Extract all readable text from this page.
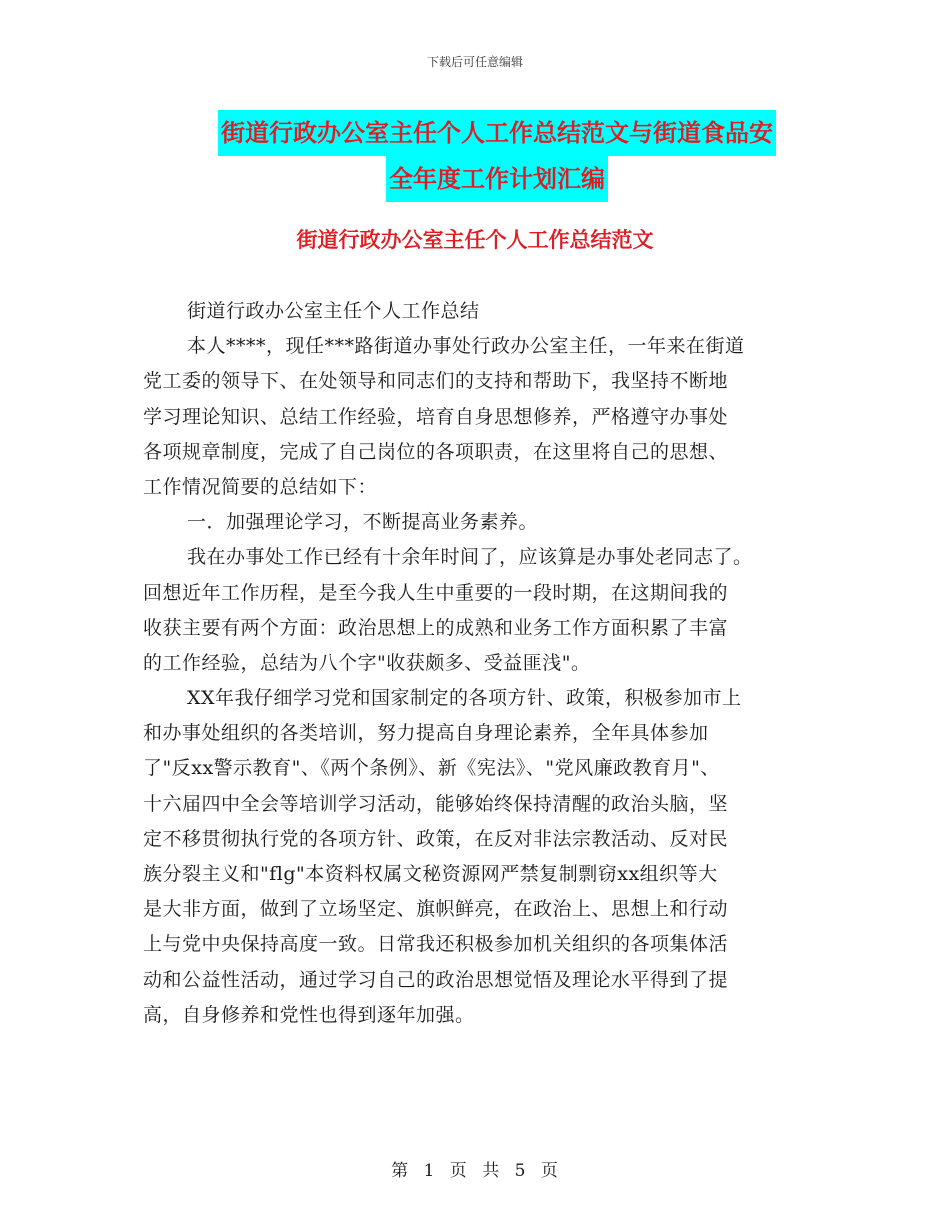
下载后可任意编辑
街道行政办公室主任个人工作总结范文与街道食品安
全年度工作计划汇编
街道行政办公室主任个人工作总结范文
街道行政办公室主任个人工作总结
本人****，现任***路街道办事处行政办公室主任，一年来在街道
党工委的领导下、在处领导和同志们的支持和帮助下，我坚持不断地
学习理论知识、总结工作经验，培育自身思想修养，严格遵守办事处
各项规章制度，完成了自己岗位的各项职责，在这里将自己的思想、
工作情况简要的总结如下：
一．加强理论学习，不断提高业务素养。
我在办事处工作已经有十余年时间了，应该算是办事处老同志了。
回想近年工作历程，是至今我人生中重要的一段时期，在这期间我的
收获主要有两个方面：政治思想上的成熟和业务工作方面积累了丰富
的工作经验，总结为八个字"收获颇多、受益匪浅"。
XX年我仔细学习党和国家制定的各项方针、政策，积极参加市上
和办事处组织的各类培训，努力提高自身理论素养，全年具体参加
了"反xx警示教育"、《两个条例》、新《宪法》、"党风廉政教育月"、
十六届四中全会等培训学习活动，能够始终保持清醒的政治头脑，坚
定不移贯彻执行党的各项方针、政策，在反对非法宗教活动、反对民
族分裂主义和"flg"本资料权属文秘资源网严禁复制剽窃xx组织等大
是大非方面，做到了立场坚定、旗帜鲜亮，在政治上、思想上和行动
上与党中央保持高度一致。日常我还积极参加机关组织的各项集体活
动和公益性活动，通过学习自己的政治思想觉悟及理论水平得到了提
高，自身修养和党性也得到逐年加强。
第 1 页 共 5 页
